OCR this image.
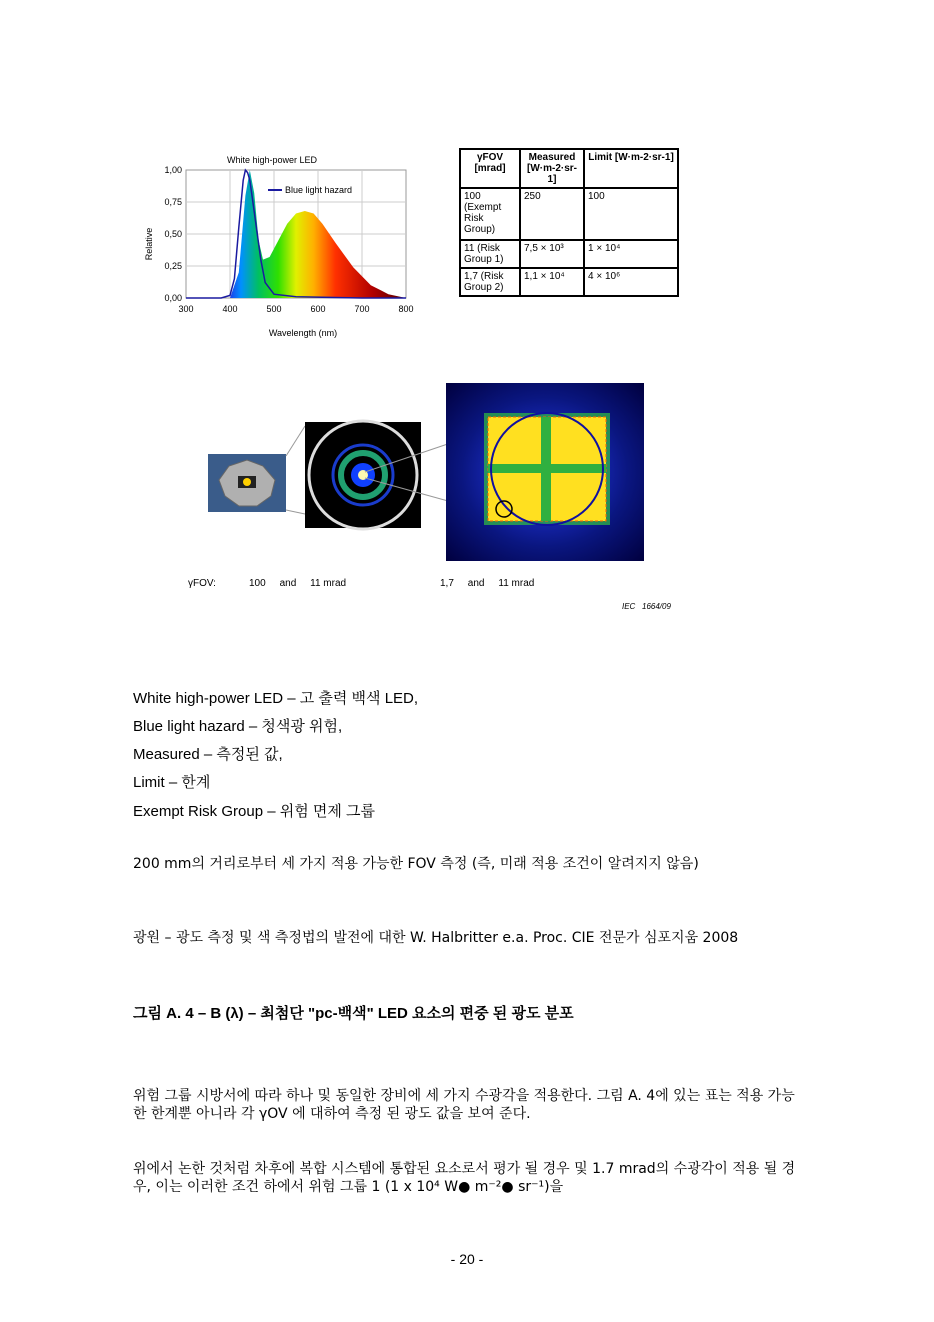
Blue light hazard
White high-power LED
1,00
0,75
0,50
0,25
0,00
300	400	500	600	700	800
Wavelength (nm)
Relative
γFOV [mrad]	Measured [W·m-2·sr-1]	Limit [W·m-2·sr-1]
100 (Exempt Risk Group)	250	100
11 (Risk Group 1)	7,5 × 10³	1 × 10⁴
1,7 (Risk Group 2)	1,1 × 10⁴	4 × 10⁶
γFOV:	100     and     11 mrad	1,7     and     11 mrad
IEC   1664/09
White high-power LED – 고 출력 백색 LED,
Blue light hazard – 청색광 위험,
Measured – 측정된 값,
Limit – 한계
Exempt Risk Group – 위험 면제 그룹
200 mm의 거리로부터 세 가지 적용 가능한 FOV 측정 (즉, 미래 적용 조건이 알려지지 않음)
광원 – 광도 측정 및 색 측정법의 발전에 대한 W. Halbritter e.a. Proc. CIE 전문가 심포지움 2008
그림 A. 4 – B (λ) – 최첨단 "pc-백색" LED 요소의 편중 된 광도 분포
위험 그룹 시방서에 따라 하나 및 동일한 장비에 세 가지 수광각을 적용한다. 그림 A. 4에 있는 표는 적용 가능한 한계뿐 아니라 각 γOV 에 대하여 측정 된 광도 값을 보여 준다.
위에서 논한 것처럼 차후에 복합 시스템에 통합된 요소로서 평가 될 경우 및 1.7 mrad의 수광각이 적용 될 경우, 이는 이러한 조건 하에서 위험 그룹 1 (1 x 10⁴ W● m⁻²● sr⁻¹)을
- 20 -
